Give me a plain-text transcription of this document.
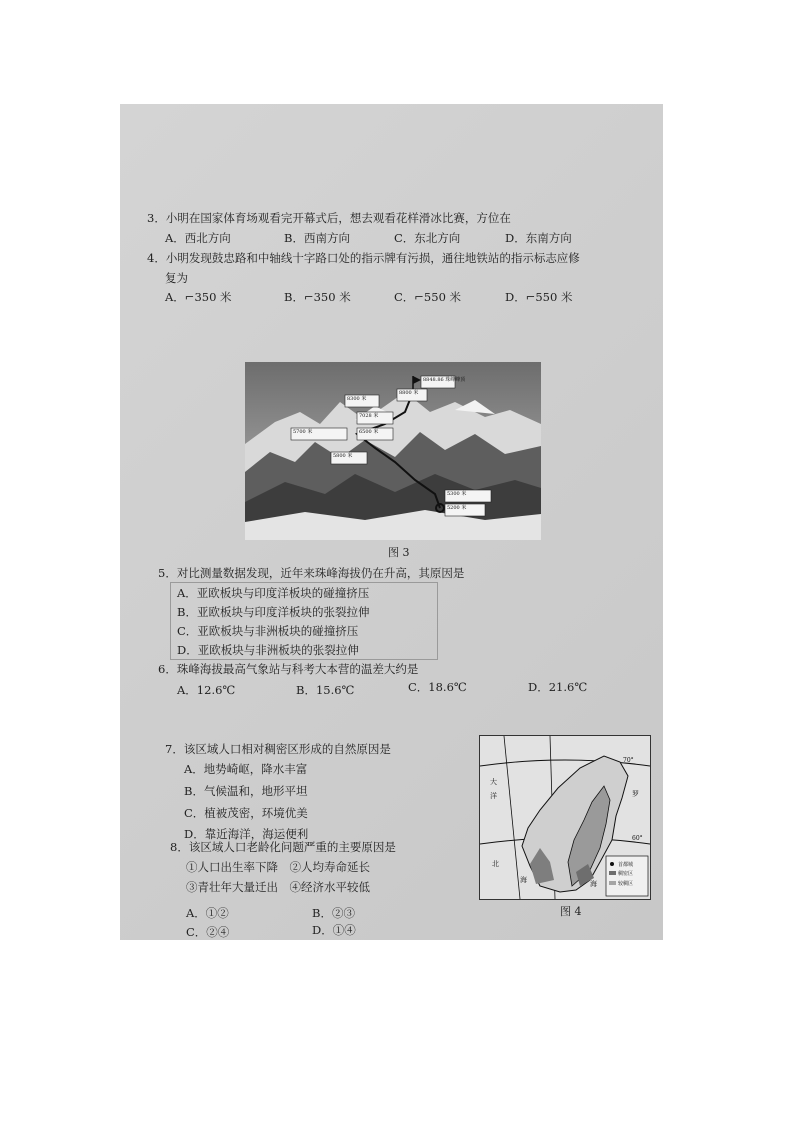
3．小明在国家体育场观看完开幕式后，想去观看花样滑冰比赛，方位在
A．西北方向	B．西南方向	C．东北方向	D．东南方向
4．小明发现鼓忠路和中轴线十字路口处的指示牌有污损，通往地铁站的指示标志应修
复为
A．⌐350 米	B．⌐350 米	C．⌐550 米	D．⌐550 米
8848.86 珠峰峰顶
8800 米
8300 米
7028 米
6500 米
5800 米
5700 米
5300 米
5200 米
图 3
5．对比测量数据发现，近年来珠峰海拔仍在升高，其原因是
A．亚欧板块与印度洋板块的碰撞挤压
B．亚欧板块与印度洋板块的张裂拉伸
C．亚欧板块与非洲板块的碰撞挤压
D．亚欧板块与非洲板块的张裂拉伸
6．珠峰海拔最高气象站与科考大本营的温差大约是
A．12.6℃	B．15.6℃	C．18.6℃	D．21.6℃
7．该区域人口相对稠密区形成的自然原因是
A．地势崎岖，降水丰富
B．气候温和，地形平坦
C．植被茂密，环境优美
D．靠近海洋，海运便利
8．该区域人口老龄化问题严重的主要原因是
①人口出生率下降　②人均寿命延长
③青壮年大量迁出　④经济水平较低
A．①②	B．②③
C．②④	D．①④
70°
60°
大
洋
海
北
罗
海
首都城
稠密区
较稠区
图 4
